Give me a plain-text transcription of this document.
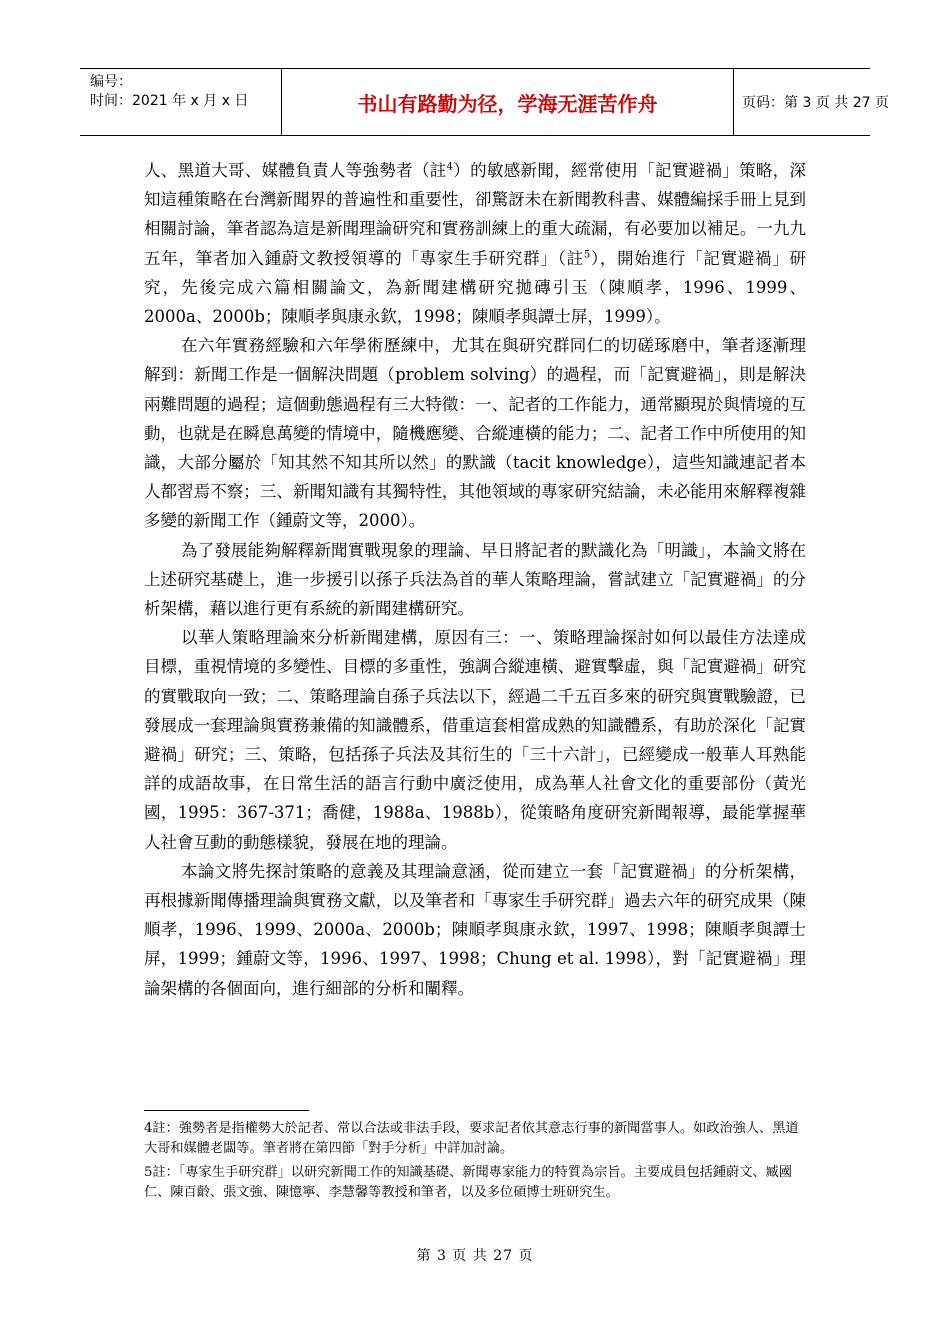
编号：
时间：2021 年 x 月 x 日	书山有路勤为径，学海无涯苦作舟	页码：第 3 页 共 27 页

人、黑道大哥、媒體負責人等強勢者（註$^4$）的敏感新聞，經常使用「記實避禍」策略，深知這種策略在台灣新聞界的普遍性和重要性，卻驚訝未在新聞教科書、媒體編採手冊上見到相關討論，筆者認為這是新聞理論研究和實務訓練上的重大疏漏，有必要加以補足。一九九五年，筆者加入鍾蔚文教授領導的「專家生手研究群」（註$^5$），開始進行「記實避禍」研究，先後完成六篇相關論文，為新聞建構研究拋磚引玉（陳順孝，1996、1999、2000a、2000b；陳順孝與康永欽，1998；陳順孝與譚士屏，1999）。

在六年實務經驗和六年學術歷練中，尤其在與研究群同仁的切磋琢磨中，筆者逐漸理解到：新聞工作是一個解決問題（problem solving）的過程，而「記實避禍」，則是解決兩難問題的過程；這個動態過程有三大特徵：一、記者的工作能力，通常顯現於與情境的互動，也就是在瞬息萬變的情境中，隨機應變、合縱連橫的能力；二、記者工作中所使用的知識，大部分屬於「知其然不知其所以然」的默識（tacit knowledge），這些知識連記者本人都習焉不察；三、新聞知識有其獨特性，其他領域的專家研究結論，未必能用來解釋複雜多變的新聞工作（鍾蔚文等，2000）。

為了發展能夠解釋新聞實戰現象的理論、早日將記者的默識化為「明識」，本論文將在上述研究基礎上，進一步援引以孫子兵法為首的華人策略理論，嘗試建立「記實避禍」的分析架構，藉以進行更有系統的新聞建構研究。

以華人策略理論來分析新聞建構，原因有三：一、策略理論探討如何以最佳方法達成目標，重視情境的多變性、目標的多重性，強調合縱連橫、避實擊虛，與「記實避禍」研究的實戰取向一致；二、策略理論自孫子兵法以下，經過二千五百多來的研究與實戰驗證，已發展成一套理論與實務兼備的知識體系，借重這套相當成熟的知識體系，有助於深化「記實避禍」研究；三、策略，包括孫子兵法及其衍生的「三十六計」，已經變成一般華人耳熟能詳的成語故事，在日常生活的語言行動中廣泛使用，成為華人社會文化的重要部份（黃光國，1995：367-371；喬健，1988a、1988b），從策略角度研究新聞報導，最能掌握華人社會互動的動態樣貌，發展在地的理論。

本論文將先探討策略的意義及其理論意涵，從而建立一套「記實避禍」的分析架構，再根據新聞傳播理論與實務文獻，以及筆者和「專家生手研究群」過去六年的研究成果（陳順孝，1996、1999、2000a、2000b；陳順孝與康永欽，1997、1998；陳順孝與譚士屏，1999；鍾蔚文等，1996、1997、1998；Chung et al. 1998），對「記實避禍」理論架構的各個面向，進行細部的分析和闡釋。

4註：強勢者是指權勢大於記者、常以合法或非法手段，要求記者依其意志行事的新聞當事人。如政治強人、黑道大哥和媒體老闆等。筆者將在第四節「對手分析」中詳加討論。
5註：「專家生手研究群」以研究新聞工作的知識基礎、新聞專家能力的特質為宗旨。主要成員包括鍾蔚文、臧國仁、陳百齡、張文強、陳憶寧、李慧馨等教授和筆者，以及多位碩博士班研究生。
第 3 页 共 27 页
